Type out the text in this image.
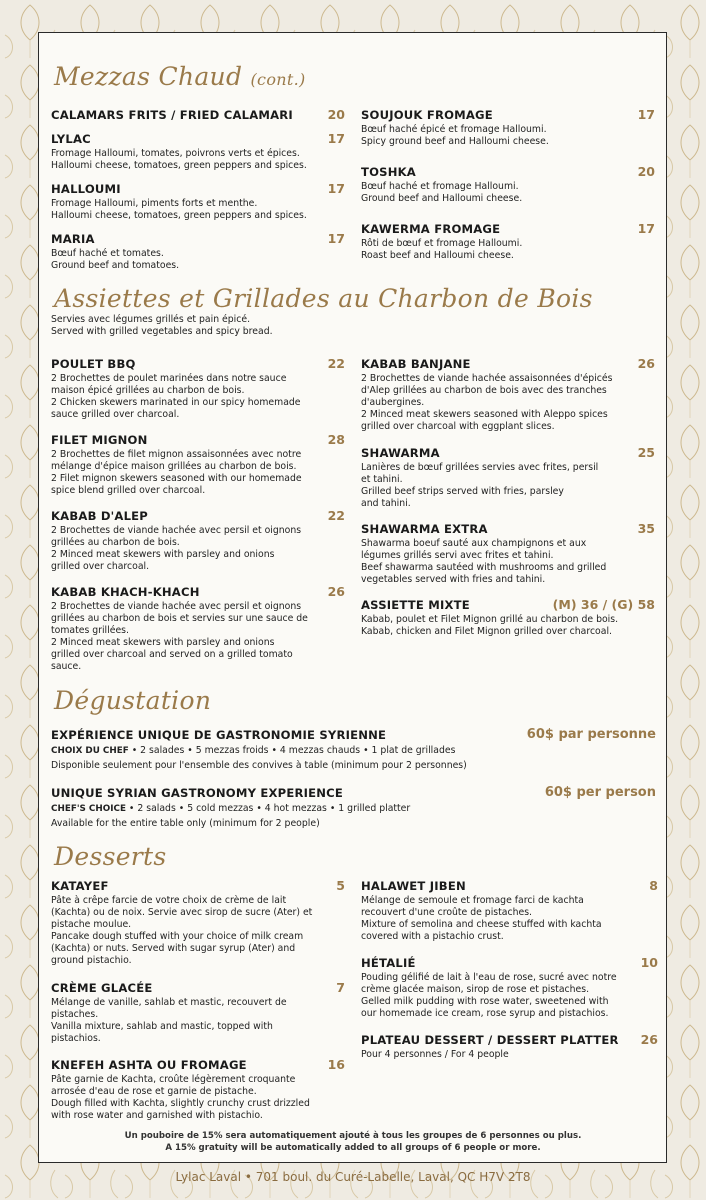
Mezzas Chaud (cont.)
CALAMARS FRITS / FRIED CALAMARI	20
LYLAC	17
Fromage Halloumi, tomates, poivrons verts et épices.
Halloumi cheese, tomatoes, green peppers and spices.
HALLOUMI	17
Fromage Halloumi, piments forts et menthe.
Halloumi cheese, tomatoes, green peppers and spices.
MARIA	17
Bœuf haché et tomates.
Ground beef and tomatoes.
SOUJOUK FROMAGE	17
Bœuf haché épicé et fromage Halloumi.
Spicy ground beef and Halloumi cheese.
TOSHKA	20
Bœuf haché et fromage Halloumi.
Ground beef and Halloumi cheese.
KAWERMA FROMAGE	17
Rôti de bœuf et fromage Halloumi.
Roast beef and Halloumi cheese.
Assiettes et Grillades au Charbon de Bois
Servies avec légumes grillés et pain épicé.
Served with grilled vegetables and spicy bread.
POULET BBQ	22
2 Brochettes de poulet marinées dans notre sauce
maison épicé grillées au charbon de bois.
2 Chicken skewers marinated in our spicy homemade
sauce grilled over charcoal.
FILET MIGNON	28
2 Brochettes de filet mignon assaisonnées avec notre
mélange d'épice maison grillées au charbon de bois.
2 Filet mignon skewers seasoned with our homemade
spice blend grilled over charcoal.
KABAB D'ALEP	22
2 Brochettes de viande hachée avec persil et oignons
grillées au charbon de bois.
2 Minced meat skewers with parsley and onions
grilled over charcoal.
KABAB KHACH-KHACH	26
2 Brochettes de viande hachée avec persil et oignons
grillées au charbon de bois et servies sur une sauce de
tomates grillées.
2 Minced meat skewers with parsley and onions
grilled over charcoal and served on a grilled tomato
sauce.
KABAB BANJANE	26
2 Brochettes de viande hachée assaisonnées d'épicés
d'Alep grillées au charbon de bois avec des tranches
d'aubergines.
2 Minced meat skewers seasoned with Aleppo spices
grilled over charcoal with eggplant slices.
SHAWARMA	25
Lanières de bœuf grillées servies avec frites, persil
et tahini.
Grilled beef strips served with fries, parsley
and tahini.
SHAWARMA EXTRA	35
Shawarma boeuf sauté aux champignons et aux
légumes grillés servi avec frites et tahini.
Beef shawarma sautéed with mushrooms and grilled
vegetables served with fries and tahini.
ASSIETTE MIXTE	(M) 36 / (G) 58
Kabab, poulet et Filet Mignon grillé au charbon de bois.
Kabab, chicken and Filet Mignon grilled over charcoal.
Dégustation
EXPÉRIENCE UNIQUE DE GASTRONOMIE SYRIENNE	60$ par personne
CHOIX DU CHEF • 2 salades • 5 mezzas froids • 4 mezzas chauds • 1 plat de grillades
Disponible seulement pour l'ensemble des convives à table (minimum pour 2 personnes)
UNIQUE SYRIAN GASTRONOMY EXPERIENCE	60$ per person
CHEF'S CHOICE • 2 salads • 5 cold mezzas • 4 hot mezzas • 1 grilled platter
Available for the entire table only (minimum for 2 people)
Desserts
KATAYEF	5
Pâte à crêpe farcie de votre choix de crème de lait
(Kachta) ou de noix. Servie avec sirop de sucre (Ater) et
pistache moulue.
Pancake dough stuffed with your choice of milk cream
(Kachta) or nuts. Served with sugar syrup (Ater) and
ground pistachio.
CRÈME GLACÉE	7
Mélange de vanille, sahlab et mastic, recouvert de
pistaches.
Vanilla mixture, sahlab and mastic, topped with
pistachios.
KNEFEH ASHTA OU FROMAGE	16
Pâte garnie de Kachta, croûte légèrement croquante
arrosée d'eau de rose et garnie de pistache.
Dough filled with Kachta, slightly crunchy crust drizzled
with rose water and garnished with pistachio.
HALAWET JIBEN	8
Mélange de semoule et fromage farci de kachta
recouvert d'une croûte de pistaches.
Mixture of semolina and cheese stuffed with kachta
covered with a pistachio crust.
HÉTALIÉ	10
Pouding gélifié de lait à l'eau de rose, sucré avec notre
crème glacée maison, sirop de rose et pistaches.
Gelled milk pudding with rose water, sweetened with
our homemade ice cream, rose syrup and pistachios.
PLATEAU DESSERT / DESSERT PLATTER 26
Pour 4 personnes / For 4 people
Un pouboire de 15% sera automatiquement ajouté à tous les groupes de 6 personnes ou plus.
A 15% gratuity will be automatically added to all groups of 6 people or more.
Lylac Laval • 701 boul. du Curé-Labelle, Laval, QC H7V 2T8
